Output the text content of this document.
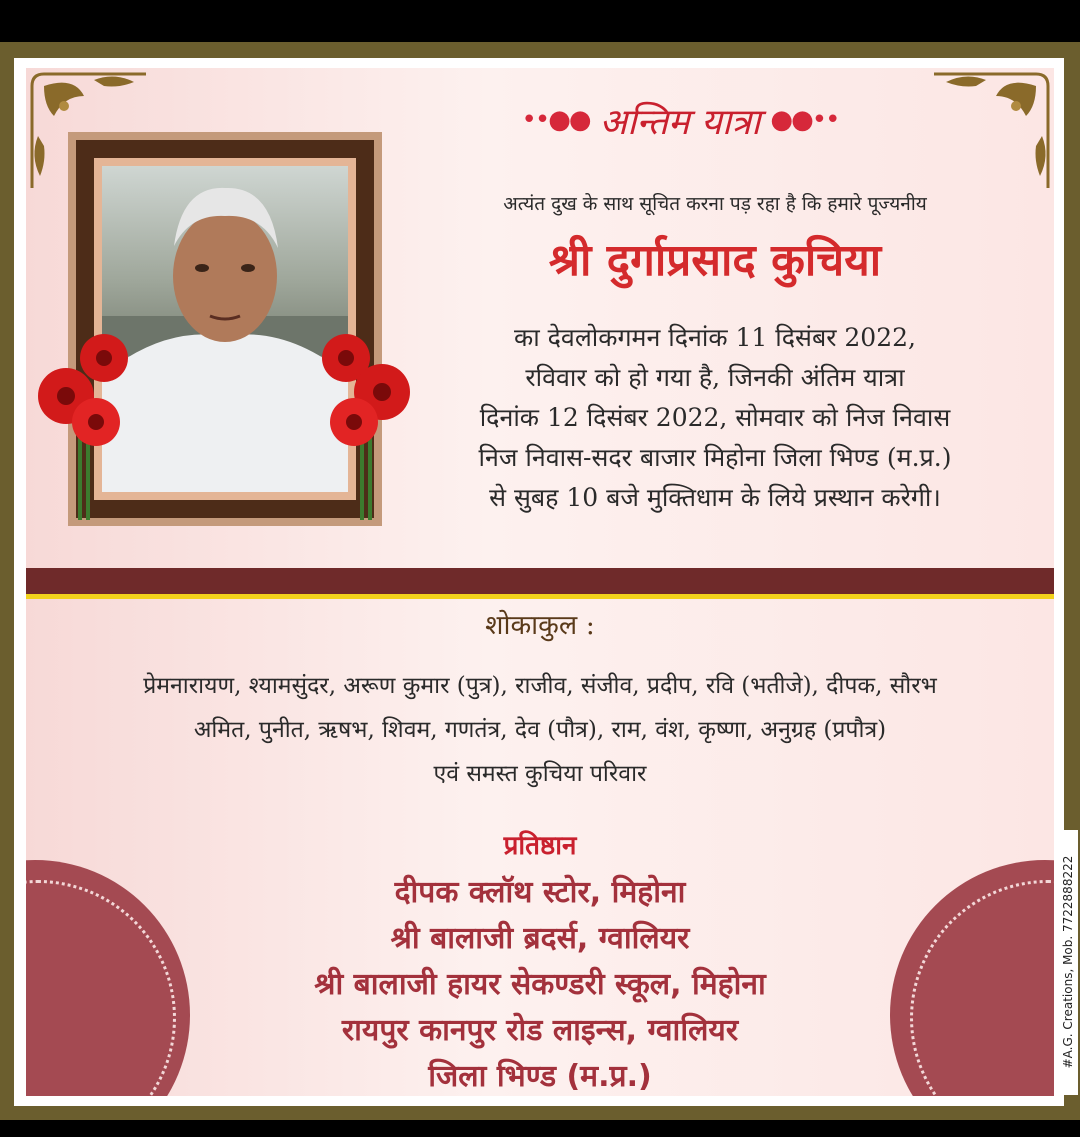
••●● अन्तिम यात्रा ●●••
अत्यंत दुख के साथ सूचित करना पड़ रहा है कि हमारे पूज्यनीय
श्री दुर्गाप्रसाद कुचिया
का देवलोकगमन दिनांक 11 दिसंबर 2022,
रविवार को हो गया है, जिनकी अंतिम यात्रा
दिनांक 12 दिसंबर 2022, सोमवार को निज निवास
निज निवास-सदर बाजार मिहोना जिला भिण्ड (म.प्र.)
से सुबह 10 बजे मुक्तिधाम के लिये प्रस्थान करेगी।
शोकाकुल :
प्रेमनारायण, श्यामसुंदर, अरूण कुमार (पुत्र), राजीव, संजीव, प्रदीप, रवि (भतीजे), दीपक, सौरभ
अमित, पुनीत, ऋषभ, शिवम, गणतंत्र, देव (पौत्र), राम, वंश, कृष्णा, अनुग्रह (प्रपौत्र)
एवं समस्त कुचिया परिवार
प्रतिष्ठान
दीपक क्लॉथ स्टोर, मिहोना
श्री बालाजी ब्रदर्स, ग्वालियर
श्री बालाजी हायर सेकण्डरी स्कूल, मिहोना
रायपुर कानपुर रोड लाइन्स, ग्वालियर
जिला भिण्ड (म.प्र.)
#A.G. Creations, Mob. 7722888222
